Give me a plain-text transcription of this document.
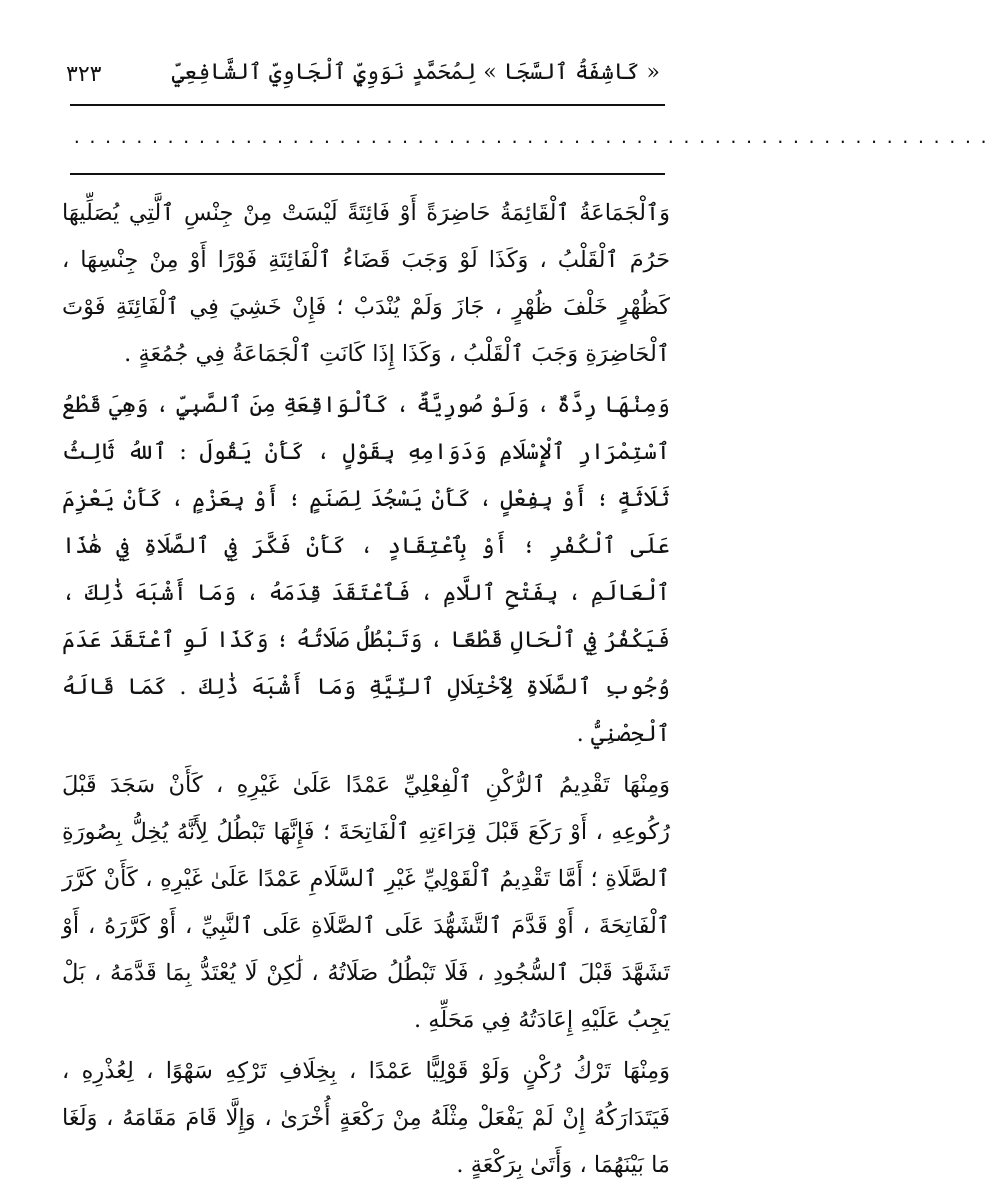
٣٢٣	« كَاشِفَةُ ٱلسَّجَا » لِمُحَمَّدٍ نَوَوِيٍّ ٱلْجَاوِيِّ ٱلشَّافِعِيِّ
...........................................................

وَٱلْجَمَاعَةُ ٱلْقَائِمَةُ حَاضِرَةً أَوْ فَائِتَةً لَيْسَتْ مِنْ جِنْسِ ٱلَّتِي يُصَلِّيهَا حَرُمَ ٱلْقَلْبُ ، وَكَذَا لَوْ وَجَبَ قَضَاءُ ٱلْفَائِتَةِ فَوْرًا أَوْ مِنْ جِنْسِهَا ، كَظُهْرٍ خَلْفَ ظُهْرٍ ، جَازَ وَلَمْ يُنْدَبْ ؛ فَإِنْ خَشِيَ فِي ٱلْفَائِتَةِ فَوْتَ ٱلْحَاضِرَةِ وَجَبَ ٱلْقَلْبُ ، وَكَذَا إِذَا كَانَتِ ٱلْجَمَاعَةُ فِي جُمُعَةٍ .

وَمِنْهَا رِدَّةٌ ، وَلَوْ صُورِيَّةٌ ، كَٱلْوَاقِعَةِ مِنَ ٱلصَّبِيِّ ، وَهِيَ قَطْعُ ٱسْتِمْرَارِ ٱلْإِسْلَامِ وَدَوَامِهِ بِقَوْلٍ ، كَأَنْ يَقُولَ : ٱللهُ ثَالِثُ ثَلَاثَةٍ ؛ أَوْ بِفِعْلٍ ، كَأَنْ يَسْجُدَ لِصَنَمٍ ؛ أَوْ بِعَزْمٍ ، كَأَنْ يَعْزِمَ عَلَى ٱلْكُفْرِ ؛ أَوْ بِٱعْتِقَادٍ ، كَأَنْ فَكَّرَ فِي ٱلصَّلَاةِ فِي هَٰذَا ٱلْعَالَمِ ، بِفَتْحِ ٱللَّامِ ، فَٱعْتَقَدَ قِدَمَهُ ، وَمَا أَشْبَهَ ذَٰلِكَ ، فَيَكْفُرُ فِي ٱلْحَالِ قَطْعًا ، وَتَبْطُلُ صَلَاتُهُ ؛ وَكَذَا لَوِ ٱعْتَقَدَ عَدَمَ وُجُوبِ ٱلصَّلَاةِ لِٱخْتِلَالِ ٱلنِّيَّةِ وَمَا أَشْبَهَ ذَٰلِكَ . كَمَا قَالَهُ ٱلْحِصْنِيُّ .

وَمِنْهَا تَقْدِيمُ ٱلرُّكْنِ ٱلْفِعْلِيِّ عَمْدًا عَلَىٰ غَيْرِهِ ، كَأَنْ سَجَدَ قَبْلَ رُكُوعِهِ ، أَوْ رَكَعَ قَبْلَ قِرَاءَتِهِ ٱلْفَاتِحَةَ ؛ فَإِنَّهَا تَبْطُلُ لِأَنَّهُ يُخِلُّ بِصُورَةِ ٱلصَّلَاةِ ؛ أَمَّا تَقْدِيمُ ٱلْقَوْلِيِّ غَيْرِ ٱلسَّلَامِ عَمْدًا عَلَىٰ غَيْرِهِ ، كَأَنْ كَرَّرَ ٱلْفَاتِحَةَ ، أَوْ قَدَّمَ ٱلتَّشَهُّدَ عَلَى ٱلصَّلَاةِ عَلَى ٱلنَّبِيِّ ، أَوْ كَرَّرَهُ ، أَوْ تَشَهَّدَ قَبْلَ ٱلسُّجُودِ ، فَلَا تَبْطُلُ صَلَاتُهُ ، لَٰكِنْ لَا يُعْتَدُّ بِمَا قَدَّمَهُ ، بَلْ يَجِبُ عَلَيْهِ إِعَادَتُهُ فِي مَحَلِّهِ .

وَمِنْهَا تَرْكُ رُكْنٍ وَلَوْ قَوْلِيًّا عَمْدًا ، بِخِلَافِ تَرْكِهِ سَهْوًا ، لِعُذْرِهِ ، فَيَتَدَارَكُهُ إِنْ لَمْ يَفْعَلْ مِثْلَهُ مِنْ رَكْعَةٍ أُخْرَىٰ ، وَإِلَّا قَامَ مَقَامَهُ ، وَلَغَا مَا بَيْنَهُمَا ، وَأَتَىٰ بِرَكْعَةٍ .
